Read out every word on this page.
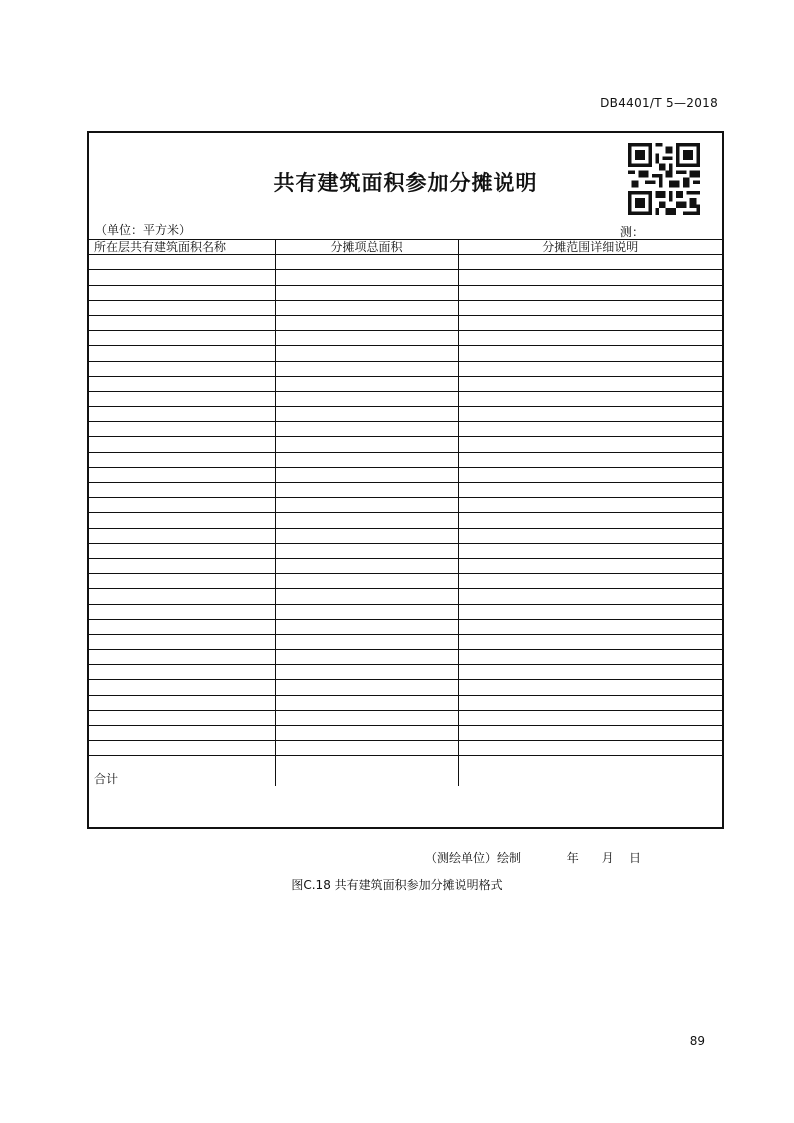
DB4401/T 5—2018
共有建筑面积参加分摊说明
（单位：平方米）	测：
所在层共有建筑面积名称	分摊项总面积	分摊范围详细说明

合计		
（测绘单位）绘制	年 月 日
图C.18 共有建筑面积参加分摊说明格式
89
